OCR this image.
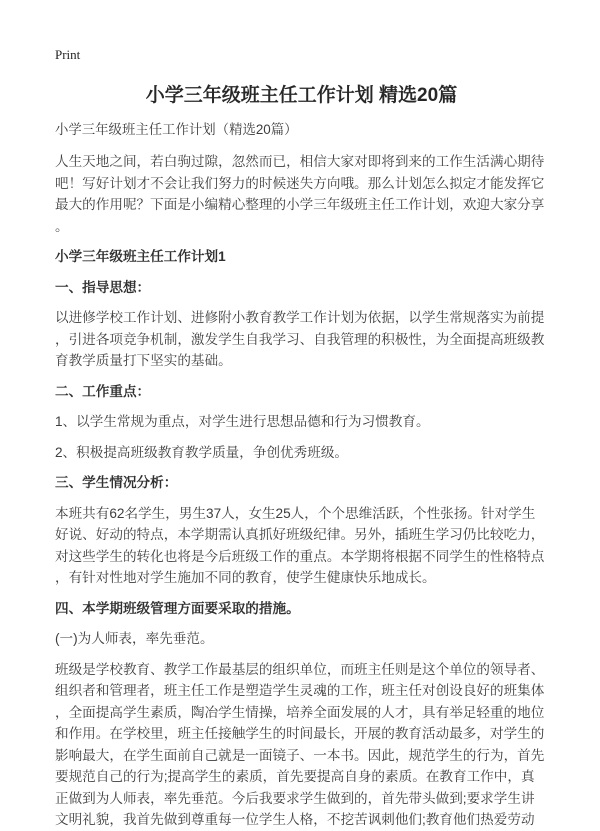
Print
小学三年级班主任工作计划 精选20篇

小学三年级班主任工作计划（精选20篇）

人生天地之间，若白驹过隙，忽然而已，相信大家对即将到来的工作生活满心期待吧！写好计划才不会让我们努力的时候迷失方向哦。那么计划怎么拟定才能发挥它最大的作用呢？下面是小编精心整理的小学三年级班主任工作计划，欢迎大家分享。

小学三年级班主任工作计划1

一、指导思想：

以进修学校工作计划、进修附小教育教学工作计划为依据，以学生常规落实为前提，引进各项竞争机制，激发学生自我学习、自我管理的积极性，为全面提高班级教育教学质量打下坚实的基础。

二、工作重点：

1、以学生常规为重点，对学生进行思想品德和行为习惯教育。

2、积极提高班级教育教学质量，争创优秀班级。

三、学生情况分析：

本班共有62名学生，男生37人，女生25人，个个思维活跃，个性张扬。针对学生好说、好动的特点，本学期需认真抓好班级纪律。另外，插班生学习仍比较吃力，对这些学生的转化也将是今后班级工作的重点。本学期将根据不同学生的性格特点，有针对性地对学生施加不同的教育，使学生健康快乐地成长。

四、本学期班级管理方面要采取的措施。

(一)为人师表，率先垂范。

班级是学校教育、教学工作最基层的组织单位，而班主任则是这个单位的领导者、组织者和管理者，班主任工作是塑造学生灵魂的工作，班主任对创设良好的班集体，全面提高学生素质，陶冶学生情操，培养全面发展的人才，具有举足轻重的地位和作用。在学校里，班主任接触学生的时间最长，开展的教育活动最多，对学生的影响最大，在学生面前自己就是一面镜子、一本书。因此，规范学生的行为，首先要规范自己的行为;提高学生的素质，首先要提高自身的素质。在教育工作中，真正做到为人师表，率先垂范。今后我要求学生做到的，首先带头做到;要求学生讲文明礼貌，我首先做到尊重每一位学生人格，不挖苦讽刺他们;教育他们热爱劳动
